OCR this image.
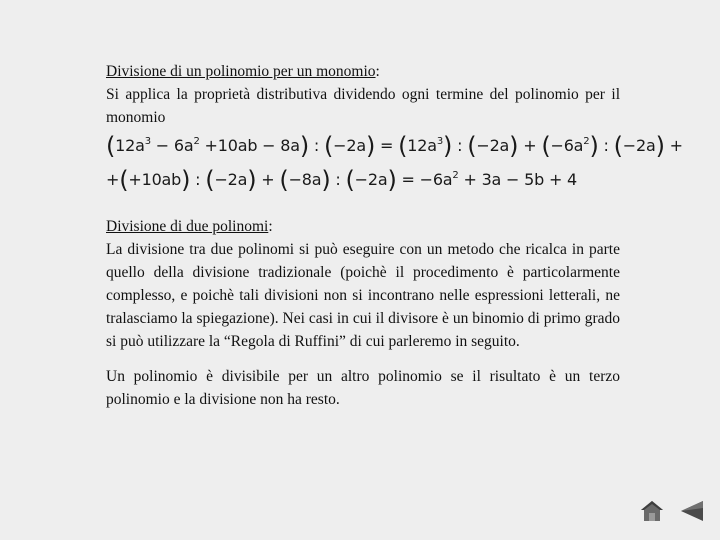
Divisione di un polinomio per un monomio:

Si applica la proprietà distributiva dividendo ogni termine del polinomio per il monomio

$(12a^3 - 6a^2 +10ab - 8a)$ : $(-2a) = (12a^3)$ : $(-2a) + (-6a^2)$ : (−2a) +
+(+10ab) : (−2a) + (−8a) : $(-2a) = -6a^2 + 3a - 5b + 4$

Divisione di due polinomi:

La divisione tra due polinomi si può eseguire con un metodo che ricalca in parte quello della divisione tradizionale (poichè il procedimento è particolarmente complesso, e poichè tali divisioni non si incontrano nelle espressioni letterali, ne tralasciamo la spiegazione). Nei casi in cui il divisore è un binomio di primo grado si può utilizzare la “Regola di Ruffini” di cui parleremo in seguito.

Un polinomio è divisibile per un altro polinomio se il risultato è un terzo polinomio e la divisione non ha resto.
